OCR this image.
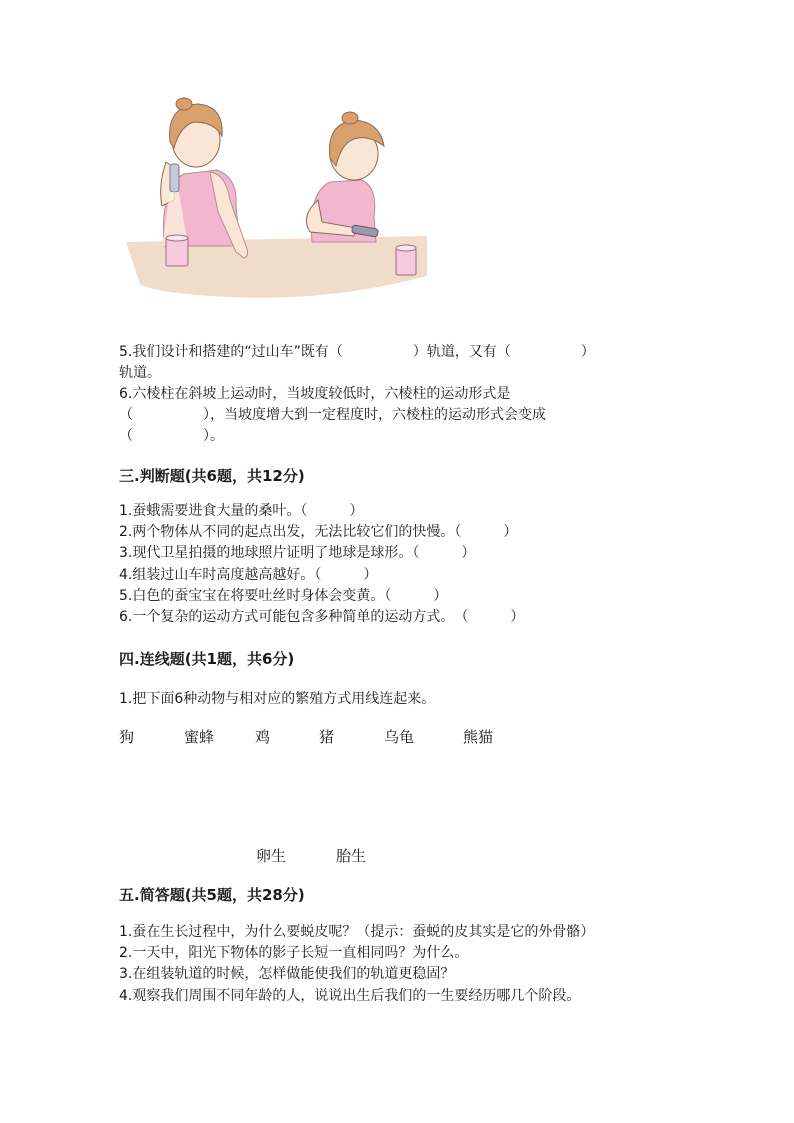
5.我们设计和搭建的“过山车”既有（　　　　　）轨道，又有（　　　　　）

轨道。

6.六棱柱在斜坡上运动时，当坡度较低时，六棱柱的运动形式是

（　　　　　），当坡度增大到一定程度时，六棱柱的运动形式会变成

（　　　　　）。

三.判断题(共6题，共12分)

1.蚕蛾需要进食大量的桑叶。（　　　）

2.两个物体从不同的起点出发，无法比较它们的快慢。（　　　）

3.现代卫星拍摄的地球照片证明了地球是球形。（　　　）

4.组装过山车时高度越高越好。（　　　）

5.白色的蚕宝宝在将要吐丝时身体会变黄。（　　　）

6.一个复杂的运动方式可能包含多种简单的运动方式。　（　　　）

四.连线题(共1题，共6分)

1.把下面6种动物与相对应的繁殖方式用线连起来。

狗	蜜蜂	鸡	猪	乌龟	熊猫
卵生	胎生
五.简答题(共5题，共28分)

1.蚕在生长过程中，为什么要蜕皮呢？（提示：蚕蜕的皮其实是它的外骨骼）

2.一天中，阳光下物体的影子长短一直相同吗？为什么。

3.在组装轨道的时候，怎样做能使我们的轨道更稳固？

4.观察我们周围不同年龄的人，说说出生后我们的一生要经历哪几个阶段。
